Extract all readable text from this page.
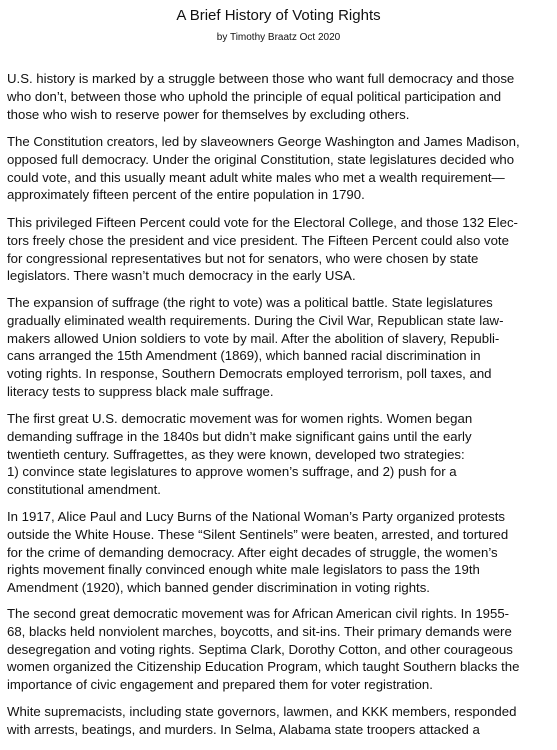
A Brief History of Voting Rights
by Timothy Braatz Oct 2020

U.S. history is marked by a struggle between those who want full democracy and those
who don’t, between those who uphold the principle of equal political participation and
those who wish to reserve power for themselves by excluding others.

The Constitution creators, led by slaveowners George Washington and James Madison,
opposed full democracy. Under the original Constitution, state legislatures decided who
could vote, and this usually meant adult white males who met a wealth requirement—
approximately fifteen percent of the entire population in 1790.

This privileged Fifteen Percent could vote for the Electoral College, and those 132 Elec-
tors freely chose the president and vice president. The Fifteen Percent could also vote
for congressional representatives but not for senators, who were chosen by state
legislators. There wasn’t much democracy in the early USA.

The expansion of suffrage (the right to vote) was a political battle. State legislatures
gradually eliminated wealth requirements. During the Civil War, Republican state law-
makers allowed Union soldiers to vote by mail. After the abolition of slavery, Republi-
cans arranged the 15th Amendment (1869), which banned racial discrimination in
voting rights. In response, Southern Democrats employed terrorism, poll taxes, and
literacy tests to suppress black male suffrage.

The first great U.S. democratic movement was for women rights. Women began
demanding suffrage in the 1840s but didn’t make significant gains until the early
twentieth century. Suffragettes, as they were known, developed two strategies:
1) convince state legislatures to approve women’s suffrage, and 2) push for a
constitutional amendment.

In 1917, Alice Paul and Lucy Burns of the National Woman’s Party organized protests
outside the White House. These “Silent Sentinels” were beaten, arrested, and tortured
for the crime of demanding democracy. After eight decades of struggle, the women’s
rights movement finally convinced enough white male legislators to pass the 19th
Amendment (1920), which banned gender discrimination in voting rights.

The second great democratic movement was for African American civil rights. In 1955-
68, blacks held nonviolent marches, boycotts, and sit-ins. Their primary demands were
desegregation and voting rights. Septima Clark, Dorothy Cotton, and other courageous
women organized the Citizenship Education Program, which taught Southern blacks the
importance of civic engagement and prepared them for voter registration.

White supremacists, including state governors, lawmen, and KKK members, responded
with arrests, beatings, and murders. In Selma, Alabama state troopers attacked a
